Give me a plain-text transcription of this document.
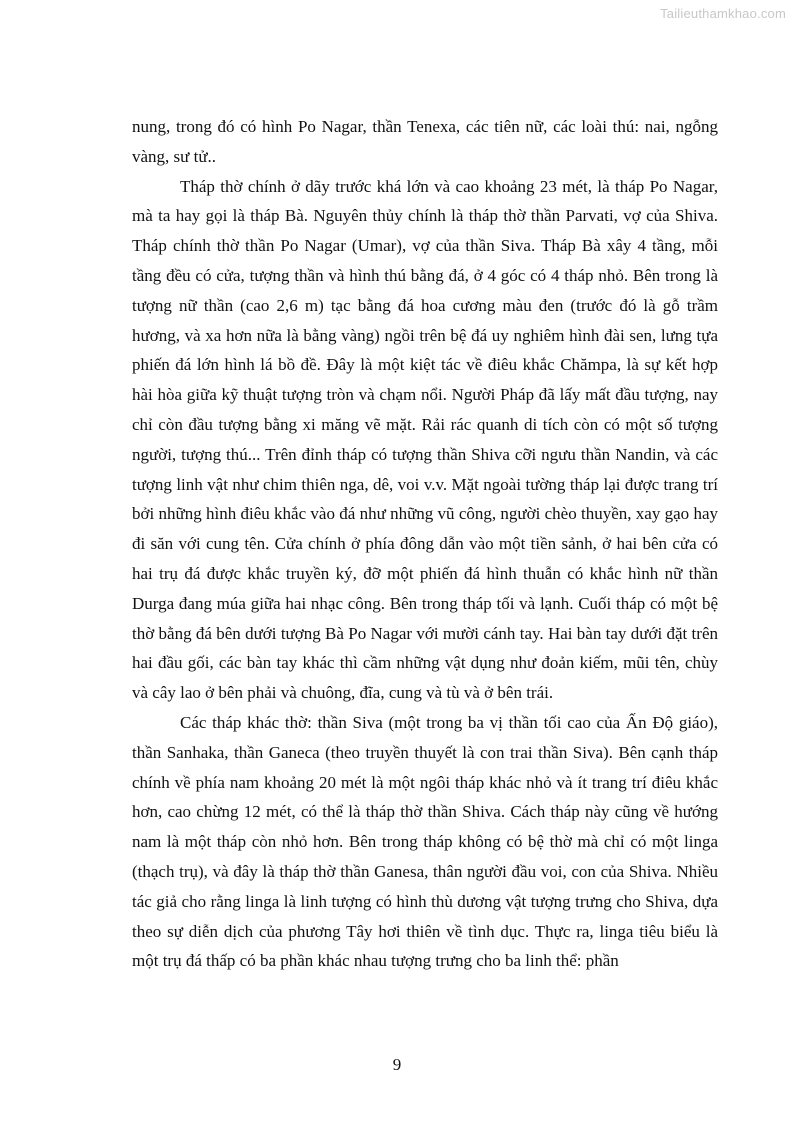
Tailieuthamkhao.com

nung, trong đó có hình Po Nagar, thần Tenexa, các tiên nữ, các loài thú: nai, ngỗng vàng, sư tử..

Tháp thờ chính ở dãy trước khá lớn và cao khoảng 23 mét, là tháp Po Nagar, mà ta hay gọi là tháp Bà. Nguyên thủy chính là tháp thờ thần Parvati, vợ của Shiva. Tháp chính thờ thần Po Nagar (Umar), vợ của thần Siva. Tháp Bà xây 4 tầng, mỗi tầng đều có cửa, tượng thần và hình thú bằng đá, ở 4 góc có 4 tháp nhỏ. Bên trong là tượng nữ thần (cao 2,6 m) tạc bằng đá hoa cương màu đen (trước đó là gỗ trầm hương, và xa hơn nữa là bằng vàng) ngồi trên bệ đá uy nghiêm hình đài sen, lưng tựa phiến đá lớn hình lá bồ đề. Đây là một kiệt tác về điêu khắc Chămpa, là sự kết hợp hài hòa giữa kỹ thuật tượng tròn và chạm nổi. Người Pháp đã lấy mất đầu tượng, nay chỉ còn đầu tượng bằng xi măng vẽ mặt. Rải rác quanh di tích còn có một số tượng người, tượng thú... Trên đỉnh tháp có tượng thần Shiva cỡi ngưu thần Nandin, và các tượng linh vật như chim thiên nga, dê, voi v.v. Mặt ngoài tường tháp lại được trang trí bởi những hình điêu khắc vào đá như những vũ công, người chèo thuyền, xay gạo hay đi săn với cung tên. Cửa chính ở phía đông dẫn vào một tiền sảnh, ở hai bên cửa có hai trụ đá được khắc truyền ký, đỡ một phiến đá hình thuẫn có khắc hình nữ thần Durga đang múa giữa hai nhạc công. Bên trong tháp tối và lạnh. Cuối tháp có một bệ thờ bằng đá bên dưới tượng Bà Po Nagar với mười cánh tay. Hai bàn tay dưới đặt trên hai đầu gối, các bàn tay khác thì cầm những vật dụng như đoản kiếm, mũi tên, chùy và cây lao ở bên phải và chuông, đĩa, cung và tù và ở bên trái.

Các tháp khác thờ: thần Siva (một trong ba vị thần tối cao của Ấn Độ giáo), thần Sanhaka, thần Ganeca (theo truyền thuyết là con trai thần Siva). Bên cạnh tháp chính về phía nam khoảng 20 mét là một ngôi tháp khác nhỏ và ít trang trí điêu khắc hơn, cao chừng 12 mét, có thể là tháp thờ thần Shiva. Cách tháp này cũng về hướng nam là một tháp còn nhỏ hơn. Bên trong tháp không có bệ thờ mà chỉ có một linga (thạch trụ), và đây là tháp thờ thần Ganesa, thân người đầu voi, con của Shiva. Nhiều tác giả cho rằng linga là linh tượng có hình thù dương vật tượng trưng cho Shiva, dựa theo sự diễn dịch của phương Tây hơi thiên về tình dục. Thực ra, linga tiêu biểu là một trụ đá thấp có ba phần khác nhau tượng trưng cho ba linh thể: phần

9
